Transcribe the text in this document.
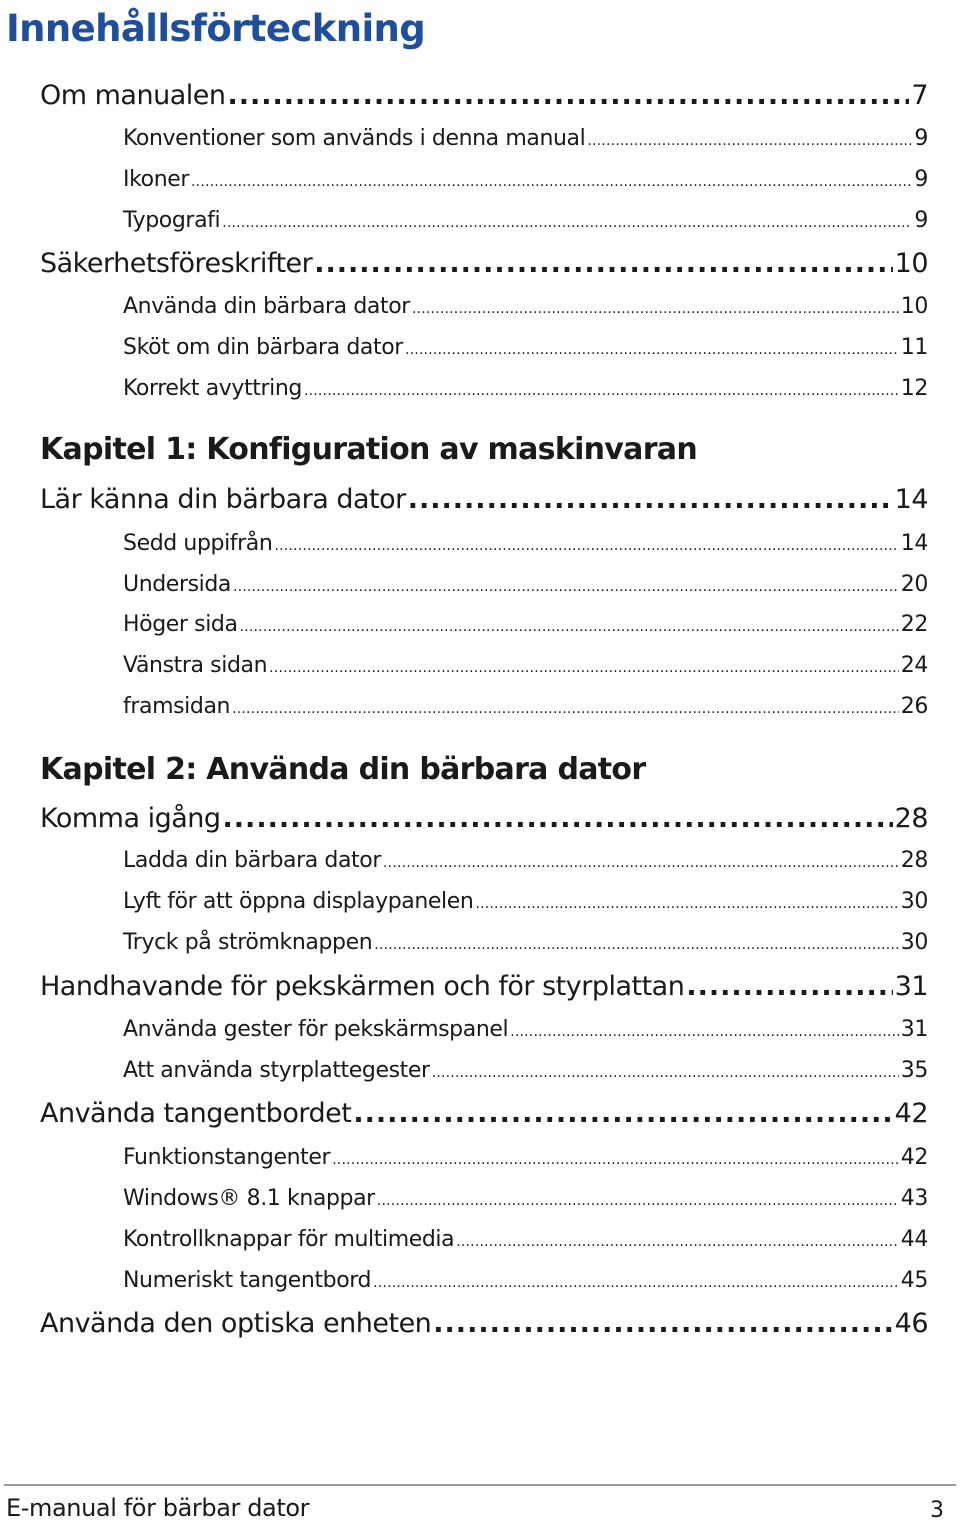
Innehållsförteckning
Om manualen .....	7
Konventioner som används i denna manual .....	9
Ikoner .....	9
Typografi .....	9
Säkerhetsföreskrifter .....	10
Använda din bärbara dator .....	10
Sköt om din bärbara dator .....	11
Korrekt avyttring .....	12
Kapitel 1: Konfiguration av maskinvaran
Lär känna din bärbara dator .....	14
Sedd uppifrån .....	14
Undersida .....	20
Höger sida .....	22
Vänstra sidan .....	24
framsidan .....	26
Kapitel 2: Använda din bärbara dator
Komma igång .....	28
Ladda din bärbara dator .....	28
Lyft för att öppna displaypanelen .....	30
Tryck på strömknappen .....	30
Handhavande för pekskärmen och för styrplattan .....	31
Använda gester för pekskärmspanel .....	31
Att använda styrplattegester .....	35
Använda tangentbordet .....	42
Funktionstangenter .....	42
Windows® 8.1 knappar .....	43
Kontrollknappar för multimedia .....	44
Numeriskt tangentbord .....	45
Använda den optiska enheten .....	46
E-manual för bärbar dator	3
